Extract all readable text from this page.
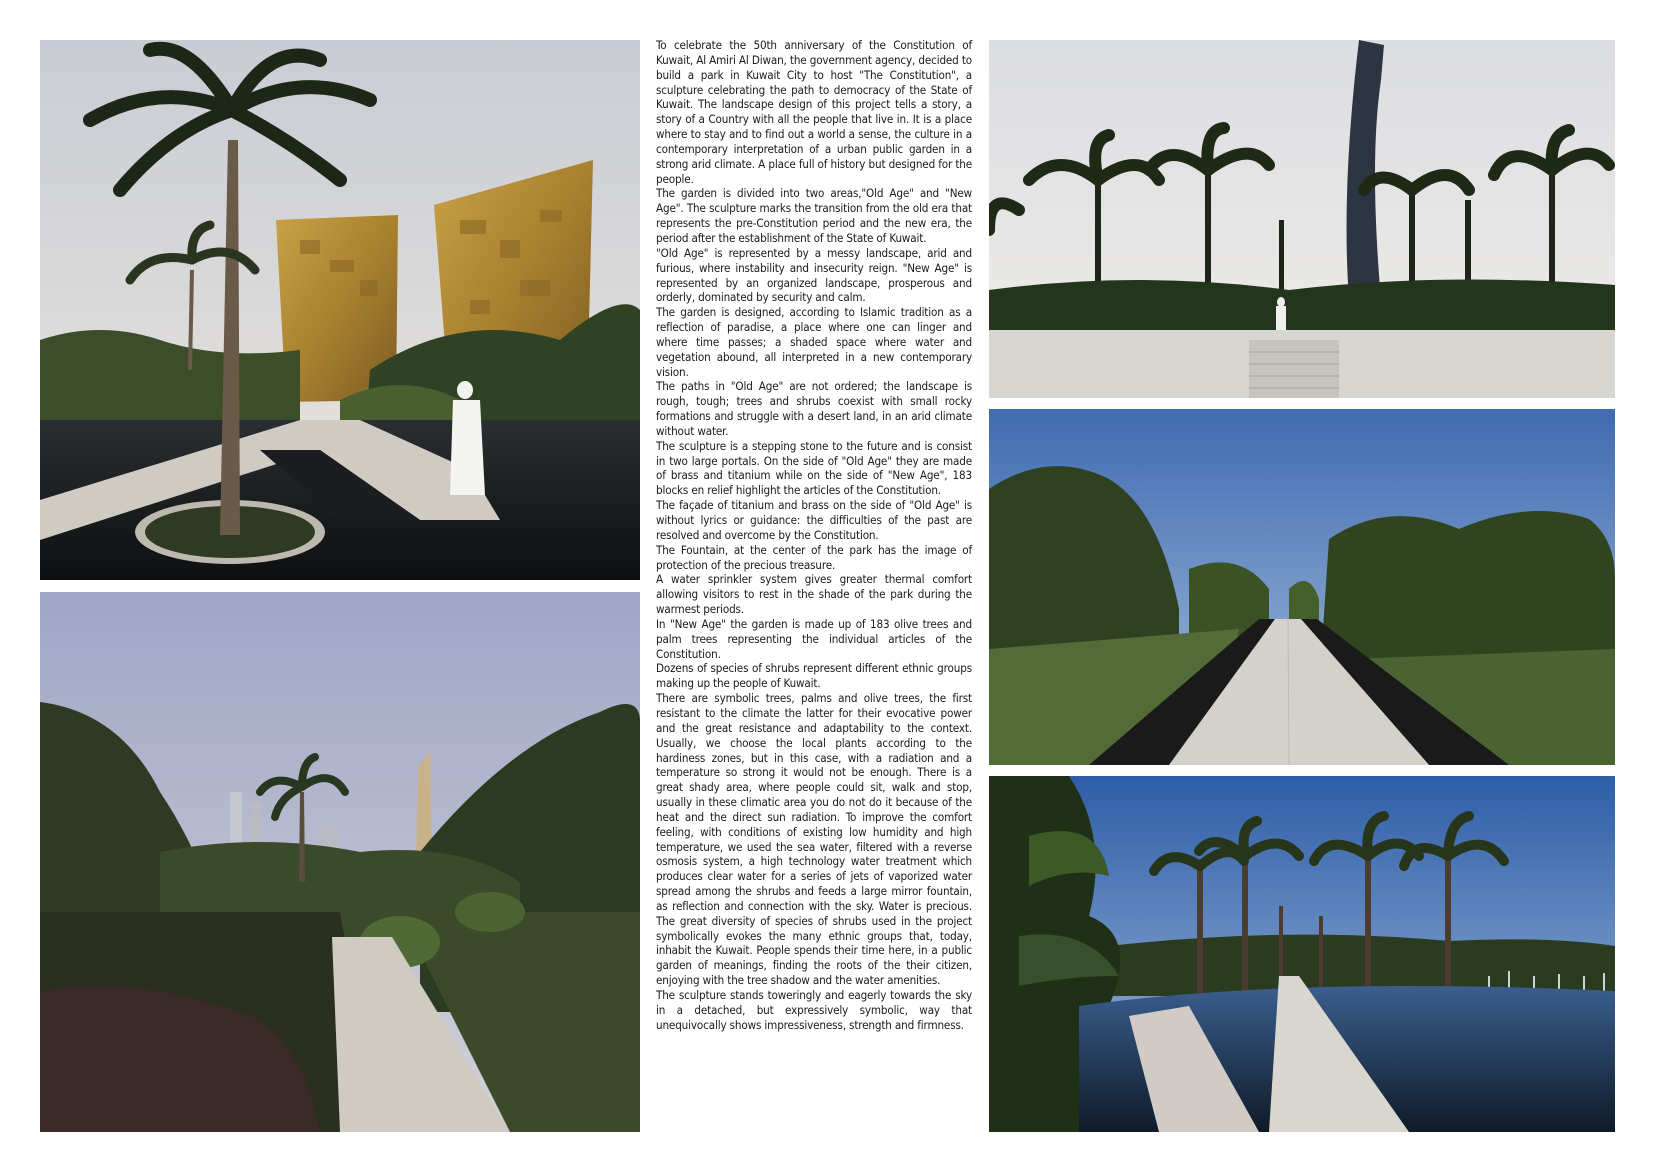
To celebrate the 50th anniversary of the Constitution of Kuwait, Al Amiri Al Diwan, the government agency, decided to build a park in Kuwait City to host "The Constitution", a sculpture celebrating the path to democracy of the State of Kuwait. The landscape design of this project tells a story, a story of a Country with all the people that live in. It is a place where to stay and to find out a world a sense, the culture in a contemporary interpretation of a urban public garden in a strong arid climate. A place full of history but designed for the people.

The garden is divided into two areas,"Old Age" and "New Age". The sculpture marks the transition from the old era that represents the pre-Constitution period and the new era, the period after the establishment of the State of Kuwait.

"Old Age" is represented by a messy landscape, arid and furious, where instability and insecurity reign. "New Age" is represented by an organized landscape, prosperous and orderly, dominated by security and calm.

The garden is designed, according to Islamic tradition as a reflection of paradise, a place where one can linger and where time passes; a shaded space where water and vegetation abound, all interpreted in a new contemporary vision.

The paths in "Old Age" are not ordered; the landscape is rough, tough; trees and shrubs coexist with small rocky formations and struggle with a desert land, in an arid climate without water.

The sculpture is a stepping stone to the future and is consist in two large portals. On the side of "Old Age" they are made of brass and titanium while on the side of "New Age", 183 blocks en relief highlight the articles of the Constitution.

The façade of titanium and brass on the side of "Old Age" is without lyrics or guidance: the difficulties of the past are resolved and overcome by the Constitution.

The Fountain, at the center of the park has the image of protection of the precious treasure.

A water sprinkler system gives greater thermal comfort allowing visitors to rest in the shade of the park during the warmest periods.

In "New Age" the garden is made up of 183 olive trees and palm trees representing the individual articles of the Constitution.

Dozens of species of shrubs represent different ethnic groups making up the people of Kuwait.

There are symbolic trees, palms and olive trees, the first resistant to the climate the latter for their evocative power and the great resistance and adaptability to the context. Usually, we choose the local plants according to the hardiness zones, but in this case, with a radiation and a temperature so strong it would not be enough. There is a great shady area, where people could sit, walk and stop, usually in these climatic area you do not do it because of the heat and the direct sun radiation. To improve the comfort feeling, with conditions of existing low humidity and high temperature, we used the sea water, filtered with a reverse osmosis system, a high technology water treatment which produces clear water for a series of jets of vaporized water spread among the shrubs and feeds a large mirror fountain, as reflection and connection with the sky. Water is precious. The great diversity of species of shrubs used in the project symbolically evokes the many ethnic groups that, today, inhabit the Kuwait. People spends their time here, in a public garden of meanings, finding the roots of the their citizen, enjoying with the tree shadow and the water amenities.

The sculpture stands toweringly and eagerly towards the sky in a detached, but expressively symbolic, way that unequivocally shows impressiveness, strength and firmness.
